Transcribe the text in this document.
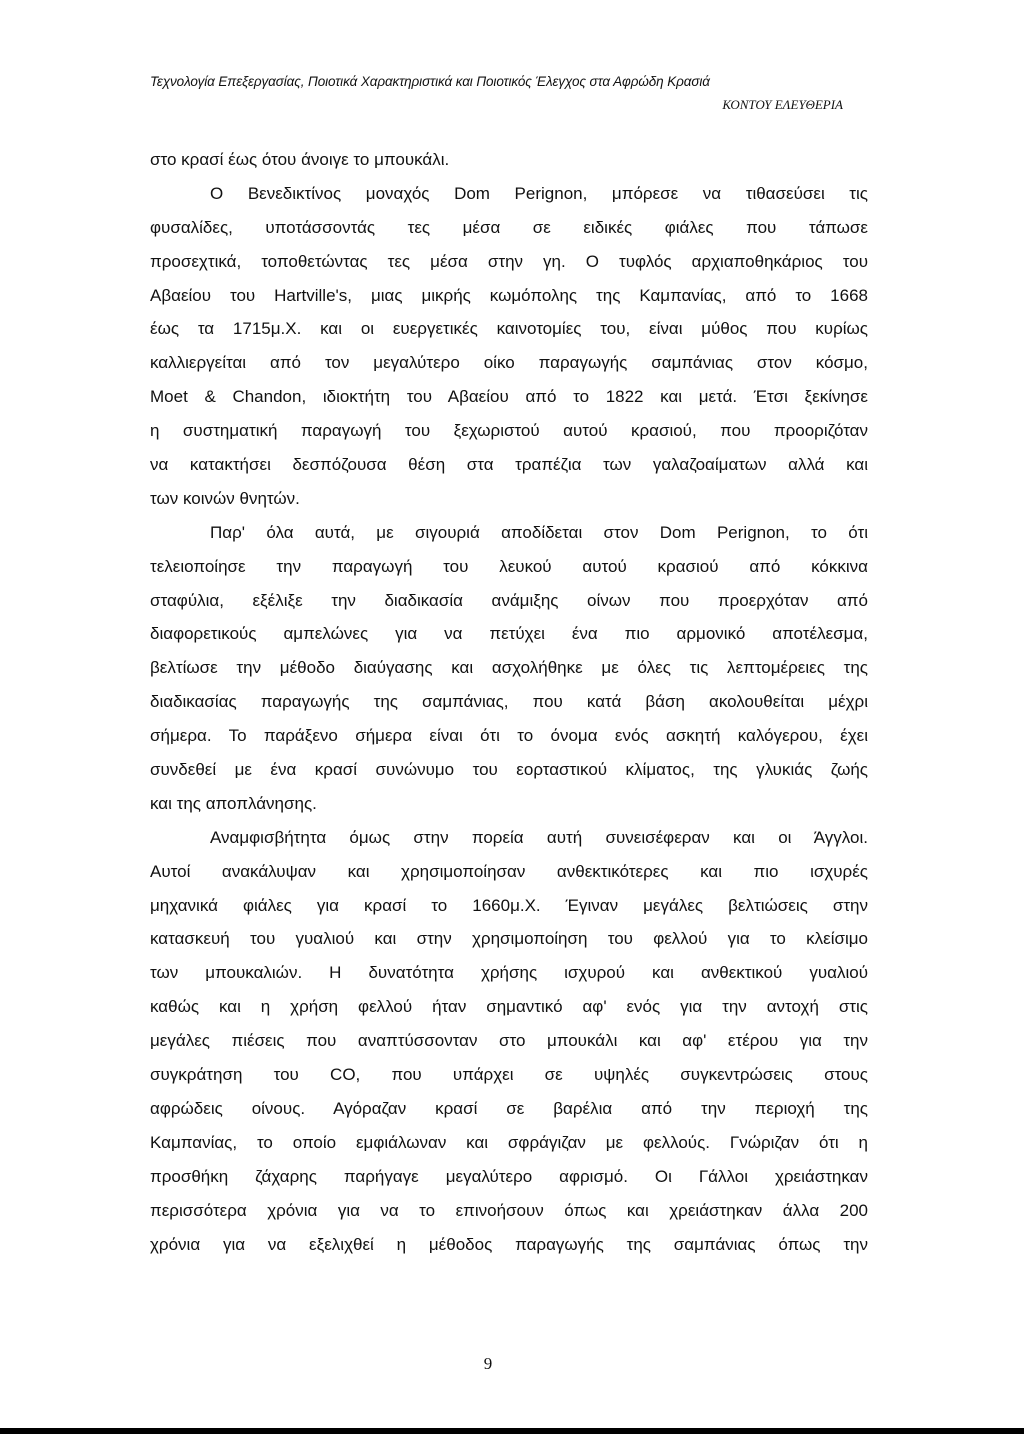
Τεχνολογία Επεξεργασίας, Ποιοτικά Χαρακτηριστικά και Ποιοτικός Έλεγχος στα Αφρώδη Κρασιά
ΚΟΝΤΟΥ ΕΛΕΥΘΕΡΙΑ
στο κρασί έως ότου άνοιγε το μπουκάλι.
Ο Βενεδικτίνος μοναχός Dom Perignon, μπόρεσε να τιθασεύσει τις
φυσαλίδες, υποτάσσοντάς τες μέσα σε ειδικές φιάλες που τάπωσε
προσεχτικά, τοποθετώντας τες μέσα στην γη. Ο τυφλός αρχιαποθηκάριος του
Αβαείου του Hartville's, μιας μικρής κωμόπολης της Καμπανίας, από το 1668
έως τα 1715μ.Χ. και οι ευεργετικές καινοτομίες του, είναι μύθος που κυρίως
καλλιεργείται από τον μεγαλύτερο οίκο παραγωγής σαμπάνιας στον κόσμο,
Moet & Chandon, ιδιοκτήτη του Αβαείου από το 1822 και μετά. Έτσι ξεκίνησε
η συστηματική παραγωγή του ξεχωριστού αυτού κρασιού, που προοριζόταν
να κατακτήσει δεσπόζουσα θέση στα τραπέζια των γαλαζοαίματων αλλά και
των κοινών θνητών.
Παρ' όλα αυτά, με σιγουριά αποδίδεται στον Dom Perignon, το ότι
τελειοποίησε την παραγωγή του λευκού αυτού κρασιού από κόκκινα
σταφύλια, εξέλιξε την διαδικασία ανάμιξης οίνων που προερχόταν από
διαφορετικούς αμπελώνες για να πετύχει ένα πιο αρμονικό αποτέλεσμα,
βελτίωσε την μέθοδο διαύγασης και ασχολήθηκε με όλες τις λεπτομέρειες της
διαδικασίας παραγωγής της σαμπάνιας, που κατά βάση ακολουθείται μέχρι
σήμερα. Το παράξενο σήμερα είναι ότι το όνομα ενός ασκητή καλόγερου, έχει
συνδεθεί με ένα κρασί συνώνυμο του εορταστικού κλίματος, της γλυκιάς ζωής
και της αποπλάνησης.
Αναμφισβήτητα όμως στην πορεία αυτή συνεισέφεραν και οι Άγγλοι.
Αυτοί ανακάλυψαν και χρησιμοποίησαν ανθεκτικότερες και πιο ισχυρές
μηχανικά φιάλες για κρασί το 1660μ.Χ. Έγιναν μεγάλες βελτιώσεις στην
κατασκευή του γυαλιού και στην χρησιμοποίηση του φελλού για το κλείσιμο
των μπουκαλιών. Η δυνατότητα χρήσης ισχυρού και ανθεκτικού γυαλιού
καθώς και η χρήση φελλού ήταν σημαντικό αφ' ενός για την αντοχή στις
μεγάλες πιέσεις που αναπτύσσονταν στο μπουκάλι και αφ' ετέρου για την
συγκράτηση του CO, που υπάρχει σε υψηλές συγκεντρώσεις στους
αφρώδεις οίνους. Αγόραζαν κρασί σε βαρέλια από την περιοχή της
Καμπανίας, το οποίο εμφιάλωναν και σφράγιζαν με φελλούς. Γνώριζαν ότι η
προσθήκη ζάχαρης παρήγαγε μεγαλύτερο αφρισμό. Οι Γάλλοι χρειάστηκαν
περισσότερα χρόνια για να το επινοήσουν όπως και χρειάστηκαν άλλα 200
χρόνια για να εξελιχθεί η μέθοδος παραγωγής της σαμπάνιας όπως την
9
